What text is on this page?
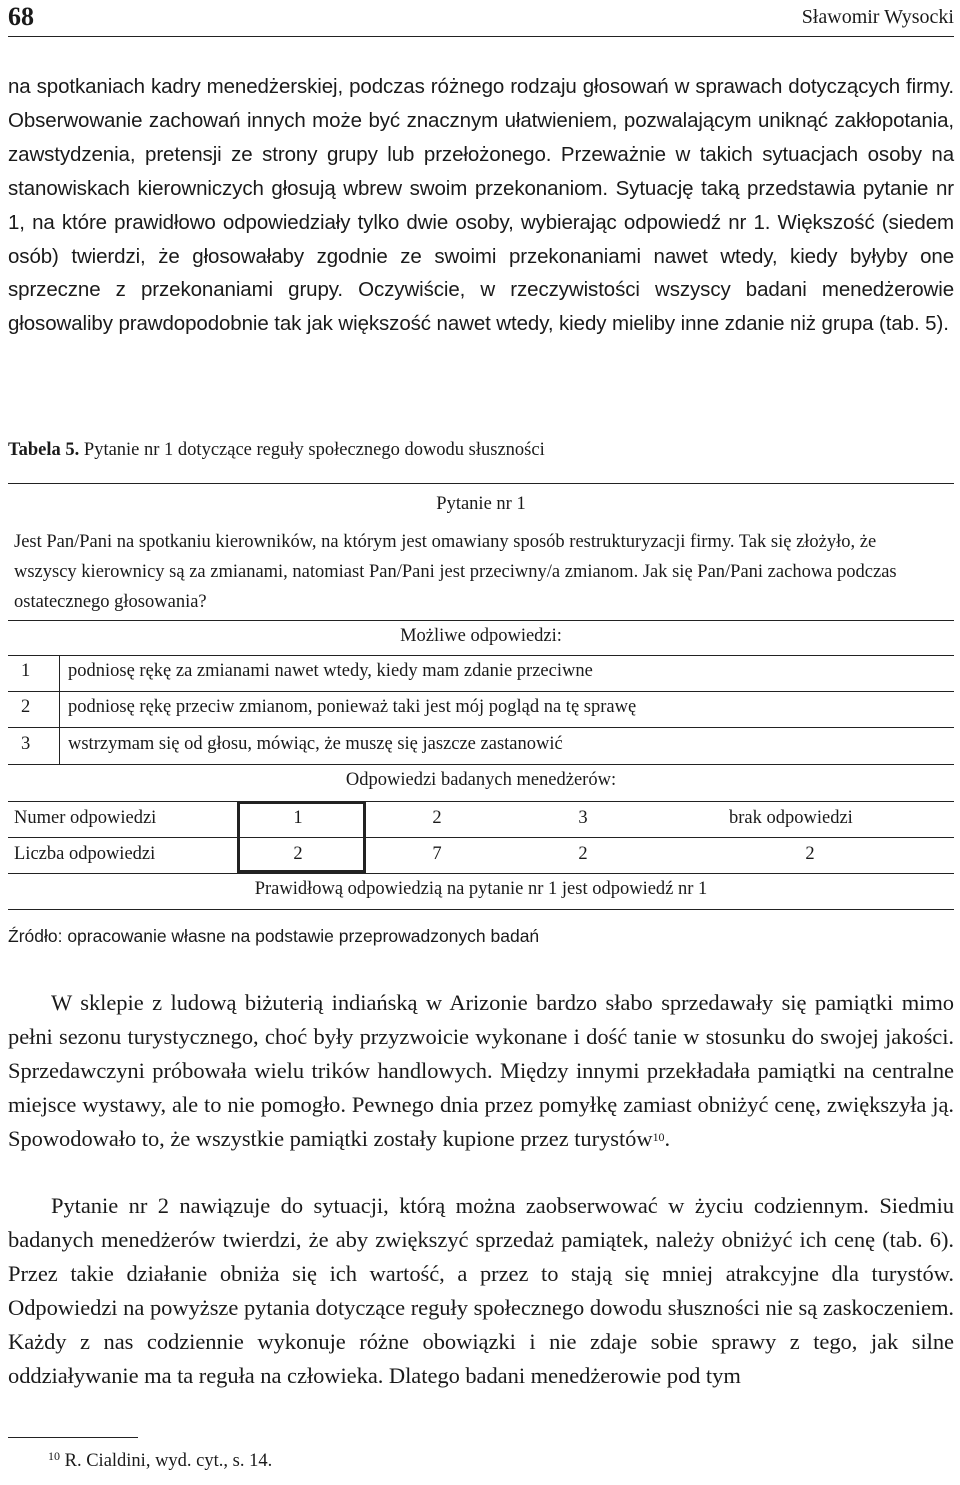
68	Sławomir Wysocki

na spotkaniach kadry menedżerskiej, podczas różnego rodzaju głosowań w sprawach dotyczących firmy. Obserwowanie zachowań innych może być znacznym ułatwieniem, pozwalającym uniknąć zakłopotania, zawstydzenia, pretensji ze strony grupy lub przełożonego. Przeważnie w takich sytuacjach osoby na stanowiskach kierowniczych głosują wbrew swoim przekonaniom. Sytuację taką przedstawia pytanie nr 1, na które prawidłowo odpowiedziały tylko dwie osoby, wybierając odpowiedź nr 1. Większość (siedem osób) twierdzi, że głosowałaby zgodnie ze swoimi przekonaniami nawet wtedy, kiedy byłyby one sprzeczne z przekonaniami grupy. Oczywiście, w rzeczywistości wszyscy badani menedżerowie głosowaliby prawdopodobnie tak jak większość nawet wtedy, kiedy mieliby inne zdanie niż grupa (tab. 5).

Tabela 5. Pytanie nr 1 dotyczące reguły społecznego dowodu słuszności
Pytanie nr 1
Jest Pan/Pani na spotkaniu kierowników, na którym jest omawiany sposób restrukturyzacji firmy. Tak się złożyło, że wszyscy kierownicy są za zmianami, natomiast Pan/Pani jest przeciwny/a zmianom. Jak się Pan/Pani zachowa podczas ostatecznego głosowania?
Możliwe odpowiedzi:
1 podniosę rękę za zmianami nawet wtedy, kiedy mam zdanie przeciwne
2 podniosę rękę przeciw zmianom, ponieważ taki jest mój pogląd na tę sprawę
3 wstrzymam się od głosu, mówiąc, że muszę się jaszcze zastanowić
Odpowiedzi badanych menedżerów:
Numer odpowiedzi	1	2	3	brak odpowiedzi
Liczba odpowiedzi	2	7	2	2
Prawidłową odpowiedzią na pytanie nr 1 jest odpowiedź nr 1
Źródło: opracowanie własne na podstawie przeprowadzonych badań

W sklepie z ludową biżuterią indiańską w Arizonie bardzo słabo sprzedawały się pamiątki mimo pełni sezonu turystycznego, choć były przyzwoicie wykonane i dość tanie w stosunku do swojej jakości. Sprzedawczyni próbowała wielu trików handlowych. Między innymi przekładała pamiątki na centralne miejsce wystawy, ale to nie pomogło. Pewnego dnia przez pomyłkę zamiast obniżyć cenę, zwiększyła ją. Spowodowało to, że wszystkie pamiątki zostały kupione przez turystów$^{10}$.

Pytanie nr 2 nawiązuje do sytuacji, którą można zaobserwować w życiu codziennym. Siedmiu badanych menedżerów twierdzi, że aby zwiększyć sprzedaż pamiątek, należy obniżyć ich cenę (tab. 6). Przez takie działanie obniża się ich wartość, a przez to stają się mniej atrakcyjne dla turystów. Odpowiedzi na powyższe pytania dotyczące reguły społecznego dowodu słuszności nie są zaskoczeniem. Każdy z nas codziennie wykonuje różne obowiązki i nie zdaje sobie sprawy z tego, jak silne oddziaływanie ma ta reguła na człowieka. Dlatego badani menedżerowie pod tym

$^{10}$ R. Cialdini, wyd. cyt., s. 14.
